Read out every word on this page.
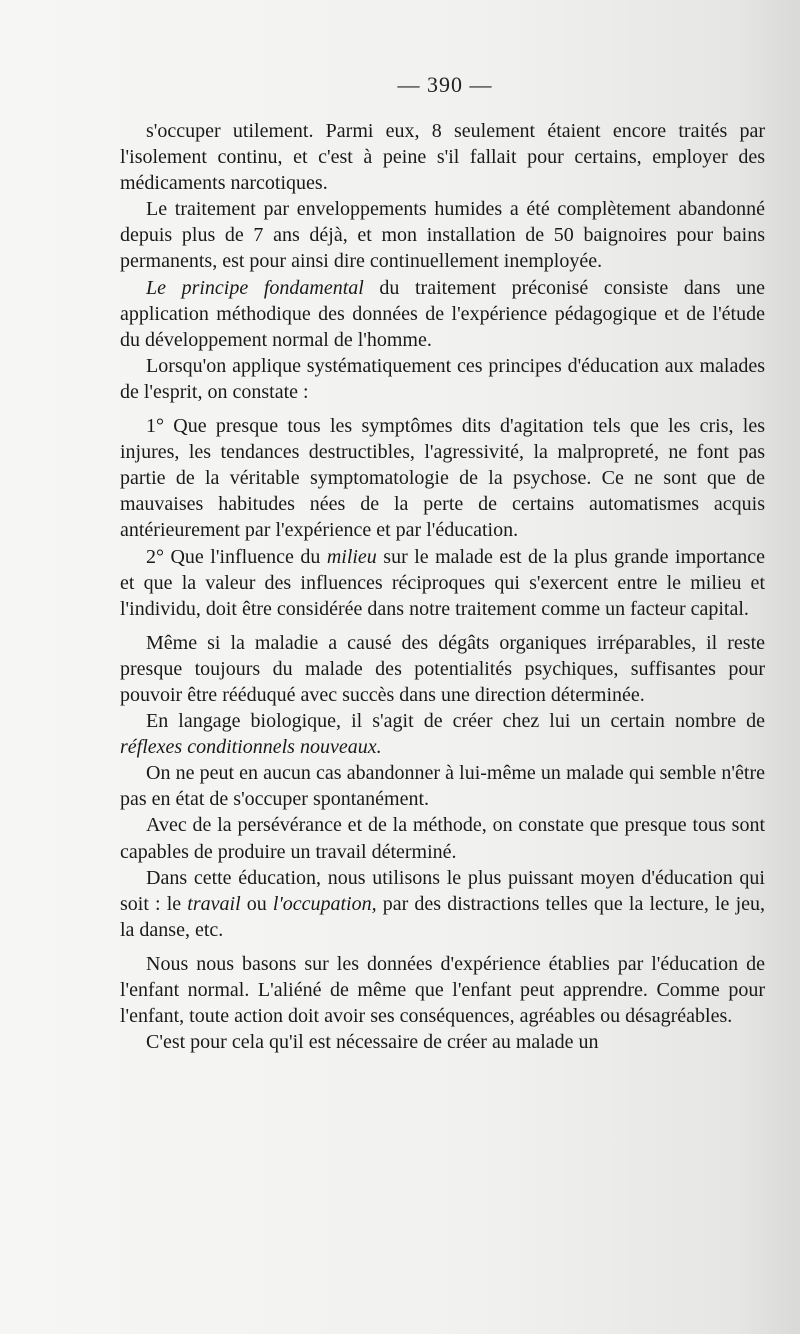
— 390 —

s'occuper utilement. Parmi eux, 8 seulement étaient encore traités par l'isolement continu, et c'est à peine s'il fallait pour certains, employer des médicaments narcotiques.

Le traitement par enveloppements humides a été complètement abandonné depuis plus de 7 ans déjà, et mon installation de 50 baignoires pour bains permanents, est pour ainsi dire continuellement inemployée.

Le principe fondamental du traitement préconisé consiste dans une application méthodique des données de l'expérience pédagogique et de l'étude du développement normal de l'homme.

Lorsqu'on applique systématiquement ces principes d'éducation aux malades de l'esprit, on constate :

1° Que presque tous les symptômes dits d'agitation tels que les cris, les injures, les tendances destructibles, l'agressivité, la malpropreté, ne font pas partie de la véritable symptomatologie de la psychose. Ce ne sont que de mauvaises habitudes nées de la perte de certains automatismes acquis antérieurement par l'expérience et par l'éducation.

2° Que l'influence du milieu sur le malade est de la plus grande importance et que la valeur des influences réciproques qui s'exercent entre le milieu et l'individu, doit être considérée dans notre traitement comme un facteur capital.

Même si la maladie a causé des dégâts organiques irréparables, il reste presque toujours du malade des potentialités psychiques, suffisantes pour pouvoir être rééduqué avec succès dans une direction déterminée.

En langage biologique, il s'agit de créer chez lui un certain nombre de réflexes conditionnels nouveaux.

On ne peut en aucun cas abandonner à lui-même un malade qui semble n'être pas en état de s'occuper spontanément.

Avec de la persévérance et de la méthode, on constate que presque tous sont capables de produire un travail déterminé.

Dans cette éducation, nous utilisons le plus puissant moyen d'éducation qui soit : le travail ou l'occupation, par des distractions telles que la lecture, le jeu, la danse, etc.

Nous nous basons sur les données d'expérience établies par l'éducation de l'enfant normal. L'aliéné de même que l'enfant peut apprendre. Comme pour l'enfant, toute action doit avoir ses conséquences, agréables ou désagréables.

C'est pour cela qu'il est nécessaire de créer au malade un
